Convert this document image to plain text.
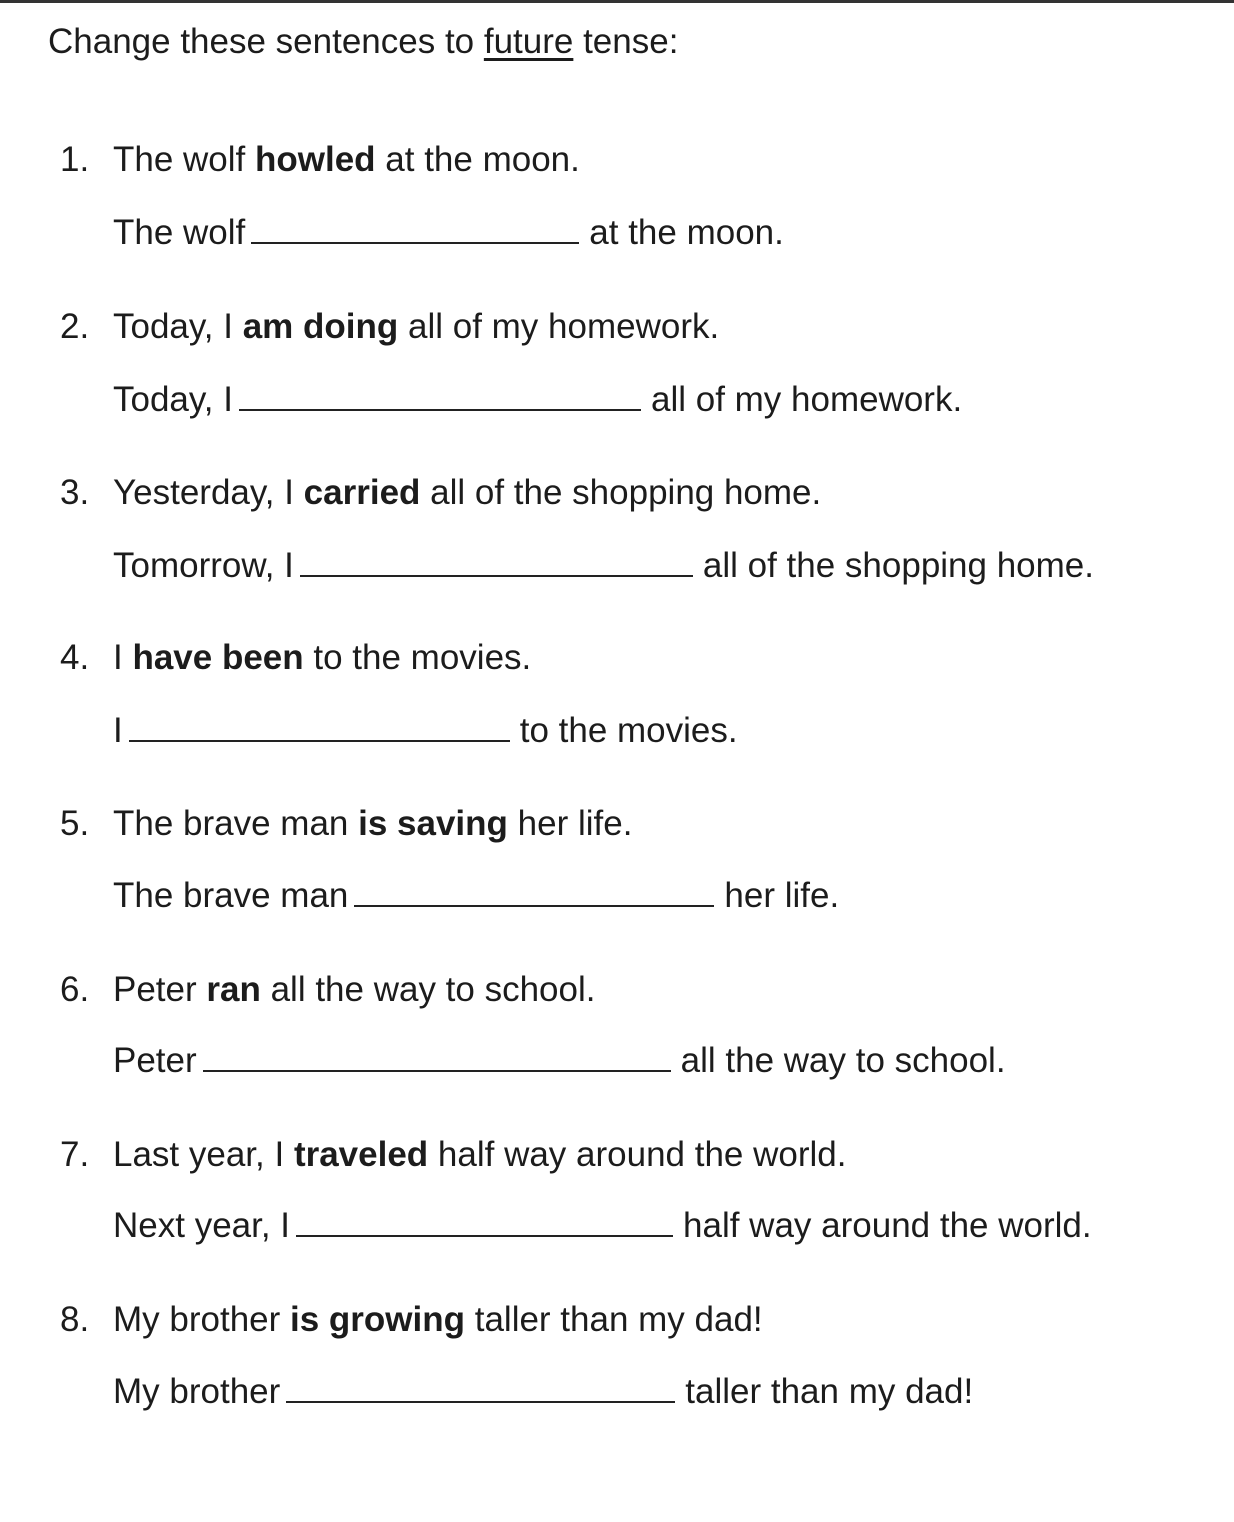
Change these sentences to future tense:
1. The wolf howled at the moon.
The wolf	at the moon.
2. Today, I am doing all of my homework.
Today, I	all of my homework.
3. Yesterday, I carried all of the shopping home.
Tomorrow, I	all of the shopping home.
4. I have been to the movies.
I	to the movies.
5. The brave man is saving her life.
The brave man	her life.
6. Peter ran all the way to school.
Peter	all the way to school.
7. Last year, I traveled half way around the world.
Next year, I	half way around the world.
8. My brother is growing taller than my dad!
My brother	taller than my dad!
